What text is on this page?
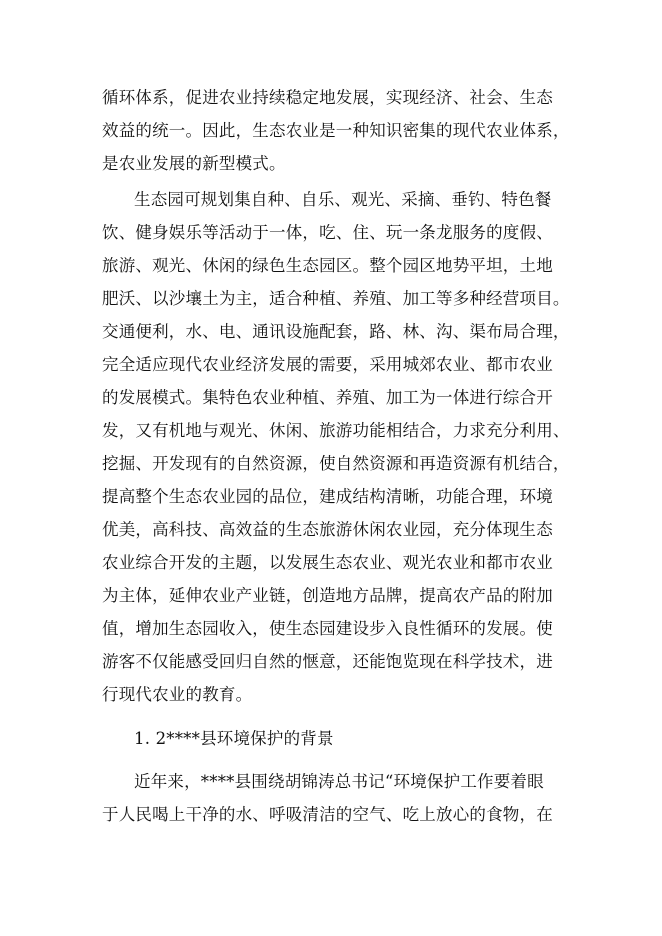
循环体系，促进农业持续稳定地发展，实现经济、社会、生态
效益的统一。因此，生态农业是一种知识密集的现代农业体系，
是农业发展的新型模式。
生态园可规划集自种、自乐、观光、采摘、垂钓、特色餐
饮、健身娱乐等活动于一体，吃、住、玩一条龙服务的度假、
旅游、观光、休闲的绿色生态园区。整个园区地势平坦，土地
肥沃、以沙壤土为主，适合种植、养殖、加工等多种经营项目。
交通便利，水、电、通讯设施配套，路、林、沟、渠布局合理，
完全适应现代农业经济发展的需要，采用城郊农业、都市农业
的发展模式。集特色农业种植、养殖、加工为一体进行综合开
发，又有机地与观光、休闲、旅游功能相结合，力求充分利用、
挖掘、开发现有的自然资源，使自然资源和再造资源有机结合，
提高整个生态农业园的品位，建成结构清晰，功能合理，环境
优美，高科技、高效益的生态旅游休闲农业园，充分体现生态
农业综合开发的主题，以发展生态农业、观光农业和都市农业
为主体，延伸农业产业链，创造地方品牌，提高农产品的附加
值，增加生态园收入，使生态园建设步入良性循环的发展。使
游客不仅能感受回归自然的惬意，还能饱览现在科学技术，进
行现代农业的教育。
1. 2****县环境保护的背景
近年来，****县围绕胡锦涛总书记“环境保护工作要着眼
于人民喝上干净的水、呼吸清洁的空气、吃上放心的食物，在
